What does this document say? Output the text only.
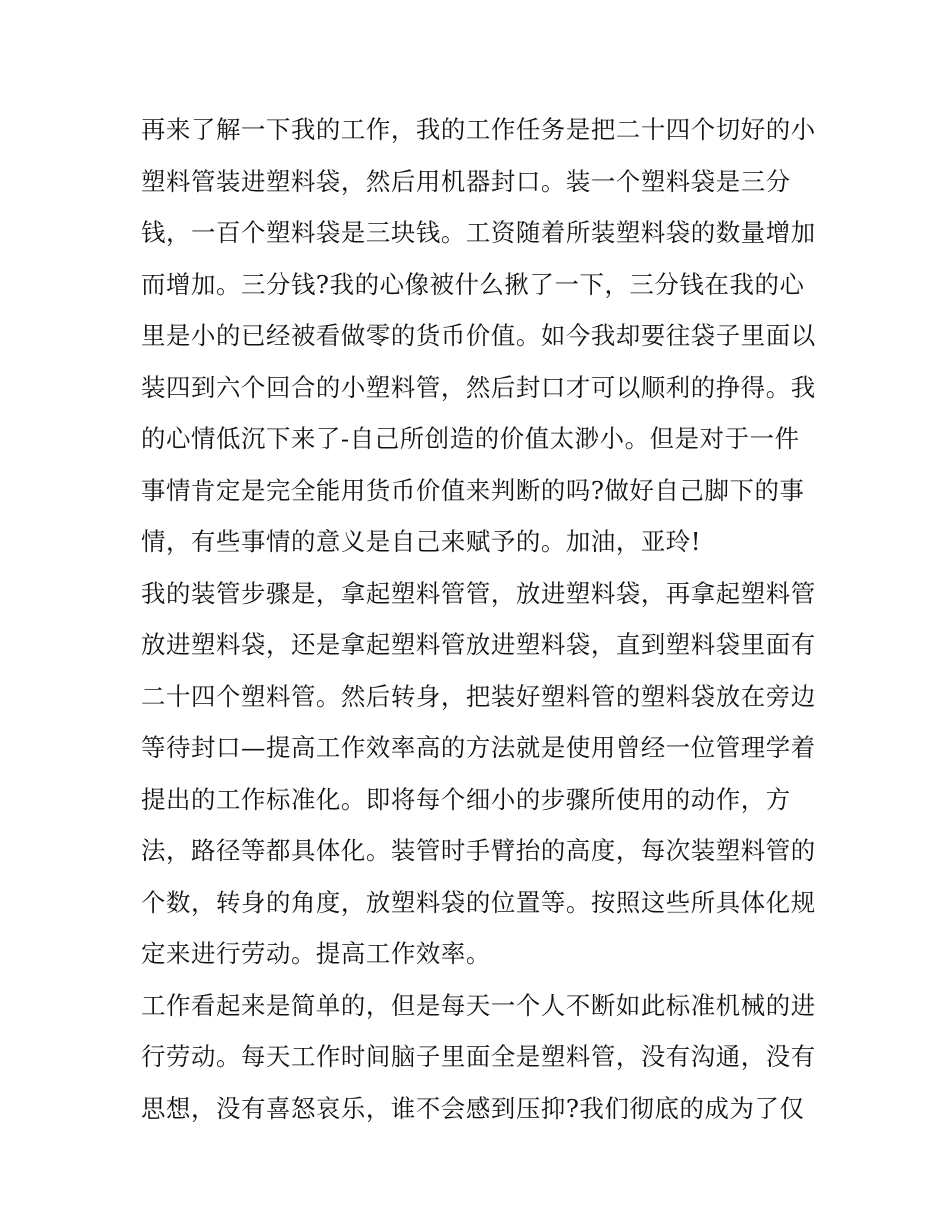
再来了解一下我的工作，我的工作任务是把二十四个切好的小
塑料管装进塑料袋，然后用机器封口。装一个塑料袋是三分
钱，一百个塑料袋是三块钱。工资随着所装塑料袋的数量增加
而增加。三分钱?我的心像被什么揪了一下，三分钱在我的心
里是小的已经被看做零的货币价值。如今我却要往袋子里面以
装四到六个回合的小塑料管，然后封口才可以顺利的挣得。我
的心情低沉下来了-自己所创造的价值太渺小。但是对于一件
事情肯定是完全能用货币价值来判断的吗?做好自己脚下的事
情，有些事情的意义是自己来赋予的。加油，亚玲!
我的装管步骤是，拿起塑料管管，放进塑料袋，再拿起塑料管
放进塑料袋，还是拿起塑料管放进塑料袋，直到塑料袋里面有
二十四个塑料管。然后转身，把装好塑料管的塑料袋放在旁边
等待封口—提高工作效率高的方法就是使用曾经一位管理学着
提出的工作标准化。即将每个细小的步骤所使用的动作，方
法，路径等都具体化。装管时手臂抬的高度，每次装塑料管的
个数，转身的角度，放塑料袋的位置等。按照这些所具体化规
定来进行劳动。提高工作效率。
工作看起来是简单的，但是每天一个人不断如此标准机械的进
行劳动。每天工作时间脑子里面全是塑料管，没有沟通，没有
思想，没有喜怒哀乐，谁不会感到压抑?我们彻底的成为了仅
